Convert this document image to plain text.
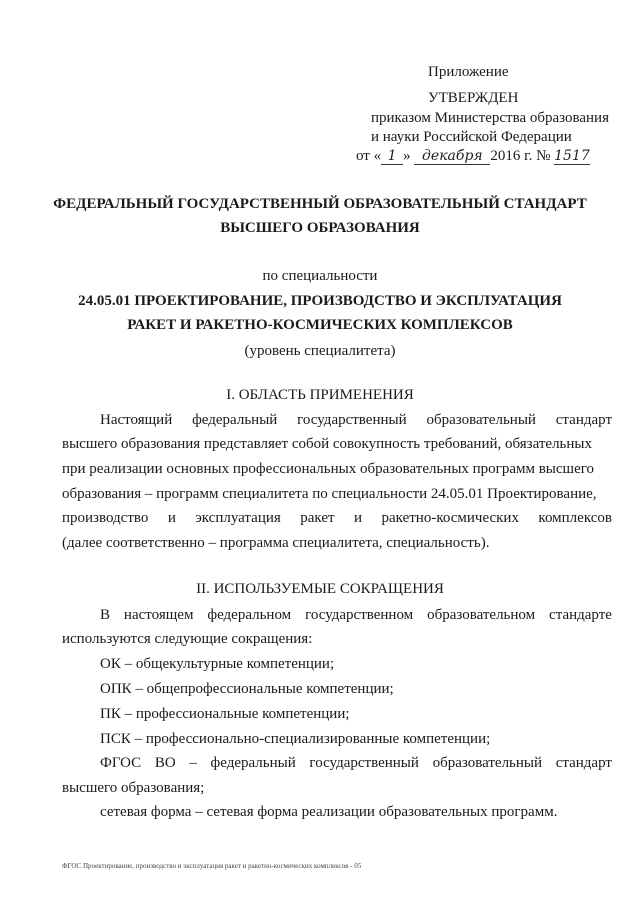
Приложение
УТВЕРЖДЕН
приказом Министерства образования
и науки Российской Федерации
от « 1 » декабря 2016 г. № 1517
ФЕДЕРАЛЬНЫЙ ГОСУДАРСТВЕННЫЙ ОБРАЗОВАТЕЛЬНЫЙ СТАНДАРТ
ВЫСШЕГО ОБРАЗОВАНИЯ
по специальности
24.05.01 ПРОЕКТИРОВАНИЕ, ПРОИЗВОДСТВО И ЭКСПЛУАТАЦИЯ
РАКЕТ И РАКЕТНО-КОСМИЧЕСКИХ КОМПЛЕКСОВ
(уровень специалитета)
I. ОБЛАСТЬ ПРИМЕНЕНИЯ
Настоящий федеральный государственный образовательный стандарт
высшего образования представляет собой совокупность требований, обязательных
при реализации основных профессиональных образовательных программ высшего
образования – программ специалитета по специальности 24.05.01 Проектирование,
производство и эксплуатация ракет и ракетно-космических комплексов
(далее соответственно – программа специалитета, специальность).
II. ИСПОЛЬЗУЕМЫЕ СОКРАЩЕНИЯ
В настоящем федеральном государственном образовательном стандарте
используются следующие сокращения:
ОК – общекультурные компетенции;
ОПК – общепрофессиональные компетенции;
ПК – профессиональные компетенции;
ПСК – профессионально-специализированные компетенции;
ФГОС ВО – федеральный государственный образовательный стандарт
высшего образования;
сетевая форма – сетевая форма реализации образовательных программ.
ФГОС Проектирование, производство и эксплуатация ракет и ракетно-космических комплексов - 05
